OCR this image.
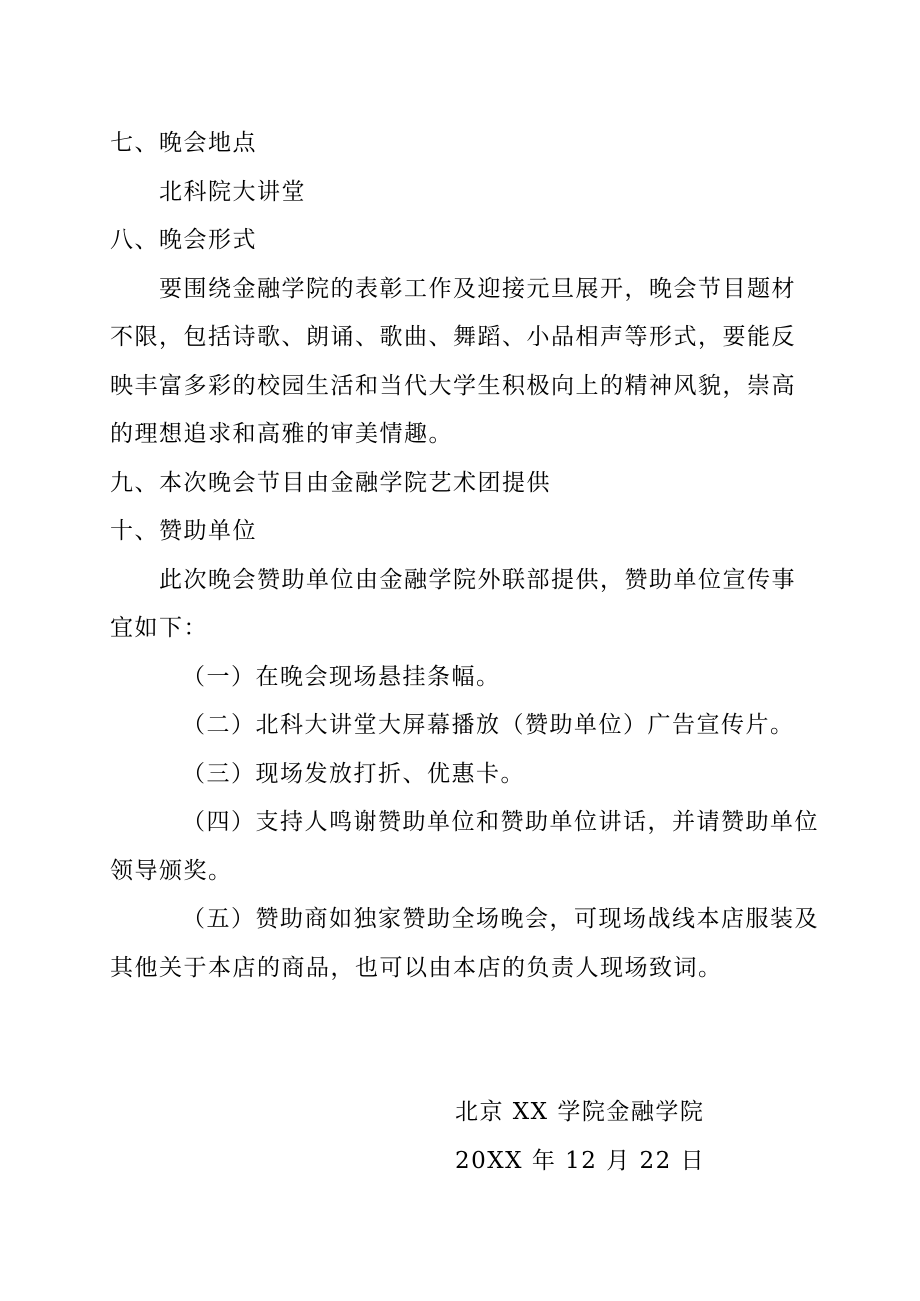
七、晚会地点
北科院大讲堂
八、晚会形式
要围绕金融学院的表彰工作及迎接元旦展开，晚会节目题材
不限，包括诗歌、朗诵、歌曲、舞蹈、小品相声等形式，要能反
映丰富多彩的校园生活和当代大学生积极向上的精神风貌，崇高
的理想追求和高雅的审美情趣。
九、本次晚会节目由金融学院艺术团提供
十、赞助单位
此次晚会赞助单位由金融学院外联部提供，赞助单位宣传事
宜如下：
（一）在晚会现场悬挂条幅。
（二）北科大讲堂大屏幕播放（赞助单位）广告宣传片。
（三）现场发放打折、优惠卡。
（四）支持人鸣谢赞助单位和赞助单位讲话，并请赞助单位
领导颁奖。
（五）赞助商如独家赞助全场晚会，可现场战线本店服装及
其他关于本店的商品，也可以由本店的负责人现场致词。
北京 XX 学院金融学院
20XX 年 12 月 22 日
